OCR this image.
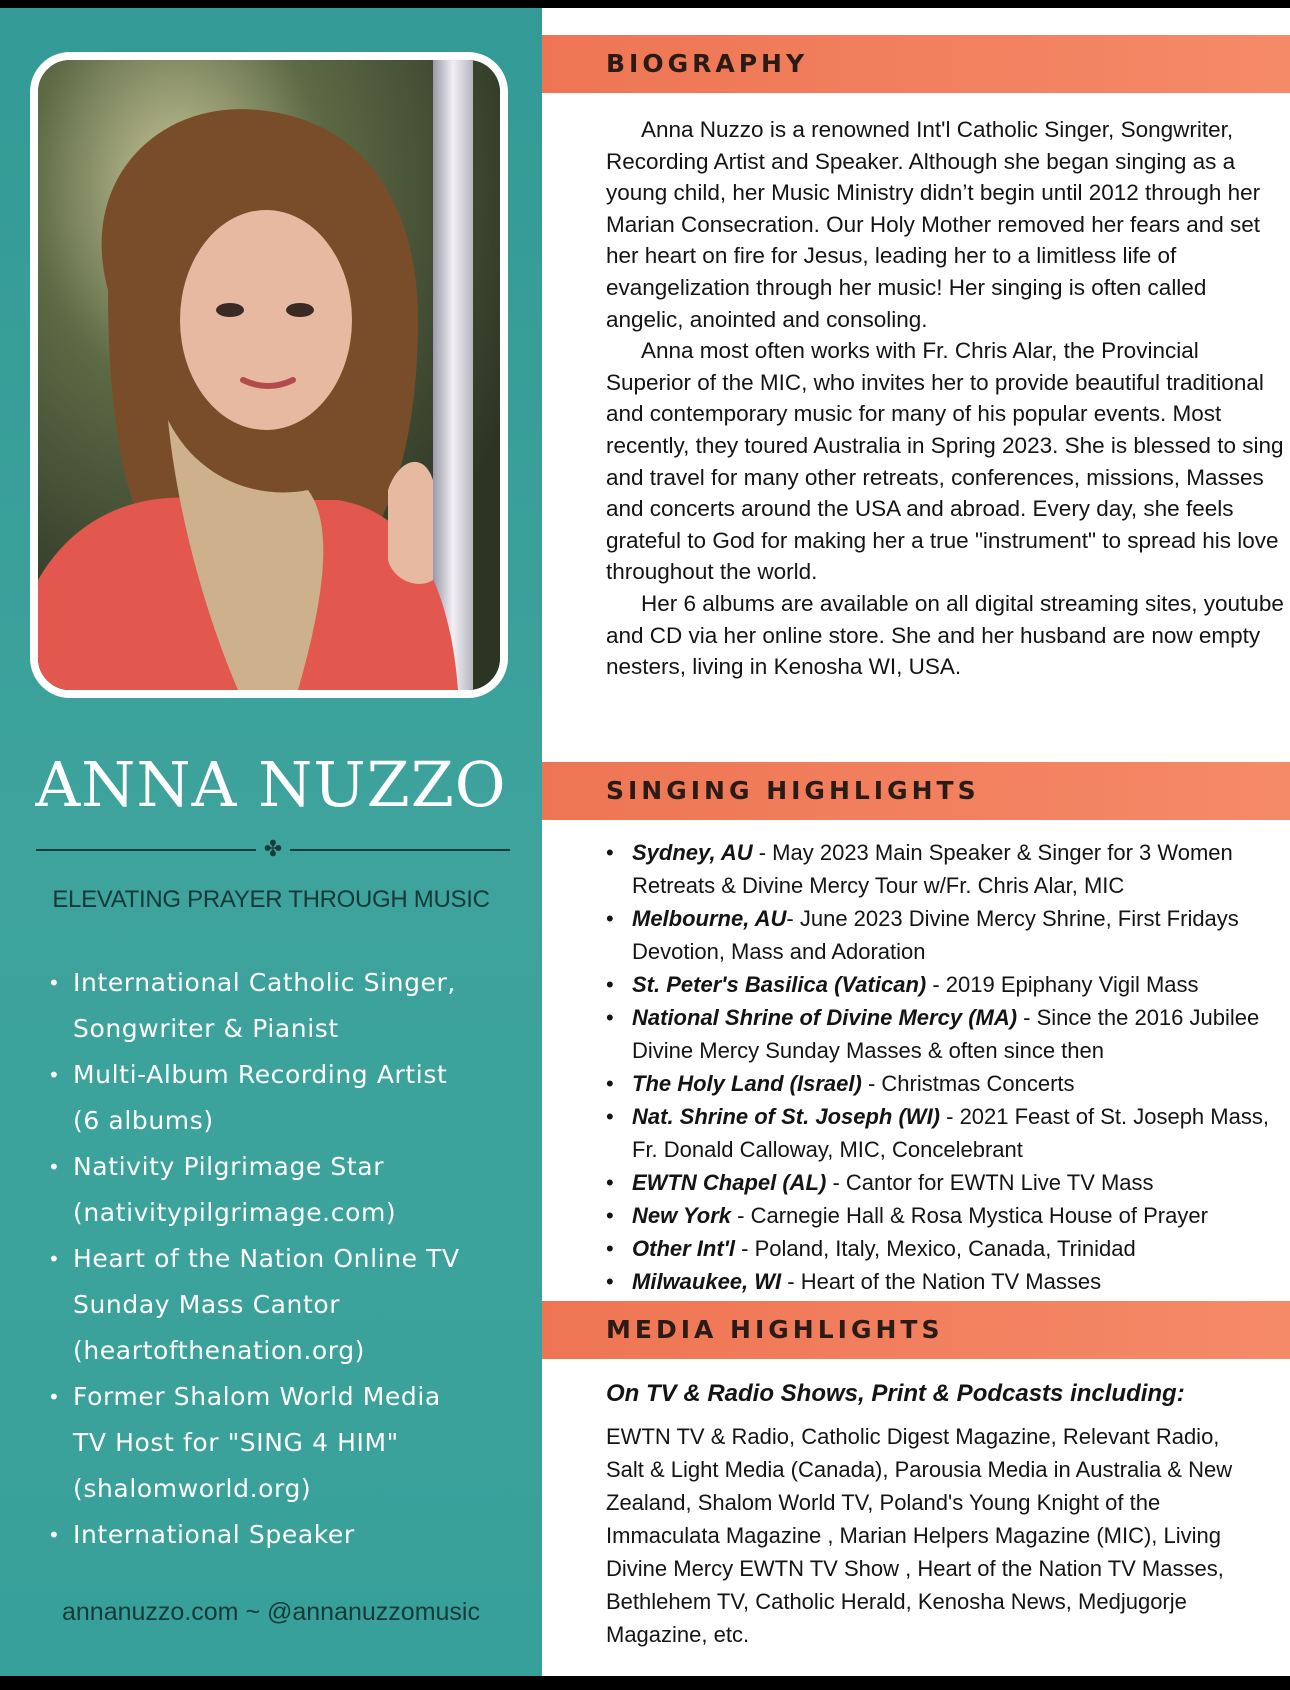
ANNA NUZZO
✤
ELEVATING PRAYER THROUGH MUSIC
• International Catholic Singer,
Songwriter & Pianist
• Multi-Album Recording Artist
(6 albums)
• Nativity Pilgrimage Star
(nativitypilgrimage.com)
• Heart of the Nation Online TV
Sunday Mass Cantor
(heartofthenation.org)
• Former Shalom World Media
TV Host for "SING 4 HIM"
(shalomworld.org)
• International Speaker
annanuzzo.com ~ @annanuzzomusic
BIOGRAPHY

Anna Nuzzo is a renowned Int'l Catholic Singer, Songwriter, Recording Artist and Speaker. Although she began singing as a young child, her Music Ministry didn’t begin until 2012 through her Marian Consecration. Our Holy Mother removed her fears and set her heart on fire for Jesus, leading her to a limitless life of evangelization through her music! Her singing is often called angelic, anointed and consoling.

Anna most often works with Fr. Chris Alar, the Provincial Superior of the MIC, who invites her to provide beautiful traditional and contemporary music for many of his popular events. Most recently, they toured Australia in Spring 2023. She is blessed to sing and travel for many other retreats, conferences, missions, Masses and concerts around the USA and abroad. Every day, she feels grateful to God for making her a true "instrument" to spread his love throughout the world.

Her 6 albums are available on all digital streaming sites, youtube and CD via her online store. She and her husband are now empty nesters, living in Kenosha WI, USA.

SINGING HIGHLIGHTS
• Sydney, AU - May 2023 Main Speaker & Singer for 3 Women Retreats & Divine Mercy Tour w/Fr. Chris Alar, MIC
• Melbourne, AU- June 2023 Divine Mercy Shrine, First Fridays Devotion, Mass and Adoration
• St. Peter's Basilica (Vatican) - 2019 Epiphany Vigil Mass
• National Shrine of Divine Mercy (MA) - Since the 2016 Jubilee Divine Mercy Sunday Masses & often since then
• The Holy Land (Israel) - Christmas Concerts
• Nat. Shrine of St. Joseph (WI) - 2021 Feast of St. Joseph Mass, Fr. Donald Calloway, MIC, Concelebrant
• EWTN Chapel (AL) - Cantor for EWTN Live TV Mass
• New York - Carnegie Hall & Rosa Mystica House of Prayer
• Other Int'l - Poland, Italy, Mexico, Canada, Trinidad
• Milwaukee, WI - Heart of the Nation TV Masses
MEDIA HIGHLIGHTS
On TV & Radio Shows, Print & Podcasts including:
EWTN TV & Radio, Catholic Digest Magazine, Relevant Radio, Salt & Light Media (Canada), Parousia Media in Australia & New Zealand, Shalom World TV, Poland's Young Knight of the Immaculata Magazine , Marian Helpers Magazine (MIC), Living Divine Mercy EWTN TV Show , Heart of the Nation TV Masses, Bethlehem TV, Catholic Herald, Kenosha News, Medjugorje Magazine, etc.
